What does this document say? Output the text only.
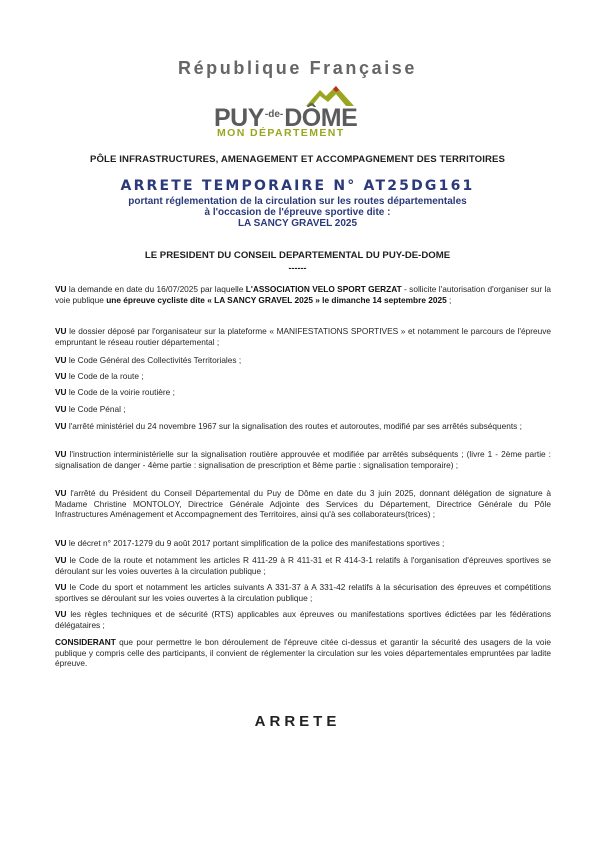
République Française
$PUY^{-de-}DÔME$
MON DÉPARTEMENT
PÔLE INFRASTRUCTURES, AMENAGEMENT ET ACCOMPAGNEMENT DES TERRITOIRES
ARRETE TEMPORAIRE N° AT25DG161
portant réglementation de la circulation sur les routes départementales
à l'occasion de l'épreuve sportive dite :
LA SANCY GRAVEL 2025
LE PRESIDENT DU CONSEIL DEPARTEMENTAL DU PUY-DE-DOME
------

VU la demande en date du 16/07/2025 par laquelle L'ASSOCIATION VELO SPORT GERZAT - sollicite l'autorisation d'organiser sur la voie publique une épreuve cycliste dite « LA SANCY GRAVEL 2025 » le dimanche 14 septembre 2025 ;

VU le dossier déposé par l'organisateur sur la plateforme « MANIFESTATIONS SPORTIVES » et notamment le parcours de l'épreuve empruntant le réseau routier départemental ;

VU le Code Général des Collectivités Territoriales ;

VU le Code de la route ;

VU le Code de la voirie routière ;

VU le Code Pénal ;

VU l'arrêté ministériel du 24 novembre 1967 sur la signalisation des routes et autoroutes, modifié par ses arrêtés subséquents ;

VU l'instruction interministérielle sur la signalisation routière approuvée et modifiée par arrêtés subséquents ; (livre 1 - 2ème partie : signalisation de danger - 4ème partie : signalisation de prescription et 8ème partie : signalisation temporaire) ;

VU l'arrêté du Président du Conseil Départemental du Puy de Dôme en date du 3 juin 2025, donnant délégation de signature à Madame Christine MONTOLOY, Directrice Générale Adjointe des Services du Département, Directrice Générale du Pôle Infrastructures Aménagement et Accompagnement des Territoires, ainsi qu'à ses collaborateurs(trices) ;

VU le décret n° 2017-1279 du 9 août 2017 portant simplification de la police des manifestations sportives ;

VU le Code de la route et notamment les articles R 411-29 à R 411-31 et R 414-3-1 relatifs à l'organisation d'épreuves sportives se déroulant sur les voies ouvertes à la circulation publique ;

VU le Code du sport et notamment les articles suivants A 331-37 à A 331-42 relatifs à la sécurisation des épreuves et compétitions sportives se déroulant sur les voies ouvertes à la circulation publique ;

VU les règles techniques et de sécurité (RTS) applicables aux épreuves ou manifestations sportives édictées par les fédérations délégataires ;

CONSIDERANT que pour permettre le bon déroulement de l'épreuve citée ci-dessus et garantir la sécurité des usagers de la voie publique y compris celle des participants, il convient de réglementer la circulation sur les voies départementales empruntées par ladite épreuve.

ARRETE
